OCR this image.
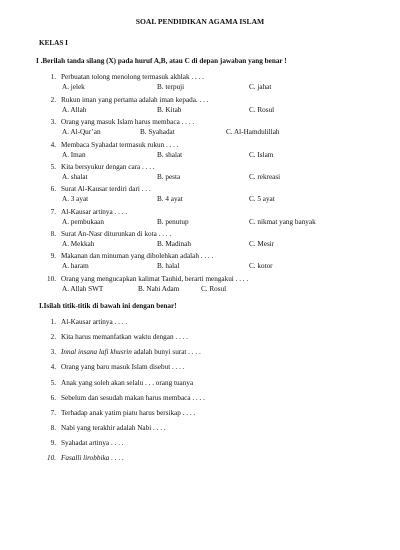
SOAL PENDIDIKAN AGAMA ISLAM
KELAS I
I .Berilah tanda silang (X) pada huruf A,B, atau C di depan jawaban yang benar !
1. Perbuatan tolong menolong termasuk akhlak . . . .
A. jelek	B. terpuji	C. jahat
2. Rukun iman yang pertama adalah iman kepada. . . .
A. Allah	B. Kitab	C. Rosul
3. Orang yang masuk Islam harus membaca . . . .
A. Al-Qur’an	B. Syahadat	C. Al-Hamdulillah
4. Membaca Syahadat termasuk rukun . . . .
A. Iman	B. shalat	C. Islam
5. Kita bersyukur dengan cara . . . .
A. shalat	B. pesta	C. rekreasi
6. Surat Al-Kausar terdiri dari . . .
A. 3 ayat	B. 4 ayat	C. 5 ayat
7. Al-Kausar artinya . . . .
A. pembukaan	B. penutup	C. nikmat yang banyak
8. Surat An-Nasr diturunkan di kota . . . .
A. Mekkah	B. Madinah	C. Mesir
9. Makanan dan minuman yang dibolehkan adalah . . . .
A. haram	B. halal	C. kotor
10. Orang yang mengucapkan kalimat Tauhid, berarti mengakui . . . .
A. Allah SWT	B. Nabi Adam	C. Rosul
I.Isilah titik-titik di bawah ini dengan benar!
1. Al-Kausar artinya . . . .
2. Kita harus memanfatkan waktu dengan . . . .
3. Innal insana lafi khusrin adalah bunyi surat . . . .
4. Orang yang baru masuk Islam disebut . . . .
5. Anak yang soleh akan selalu . . . orang tuanya
6. Sebelum dan sesudah makan harus membaca . . . .
7. Terhadap anak yatim piatu harus bersikap . . . .
8. Nabi yang terakhir adalah Nabi . . . .
9. Syahadat artinya . . . .
10. Fasalli lirobbika . . . .
